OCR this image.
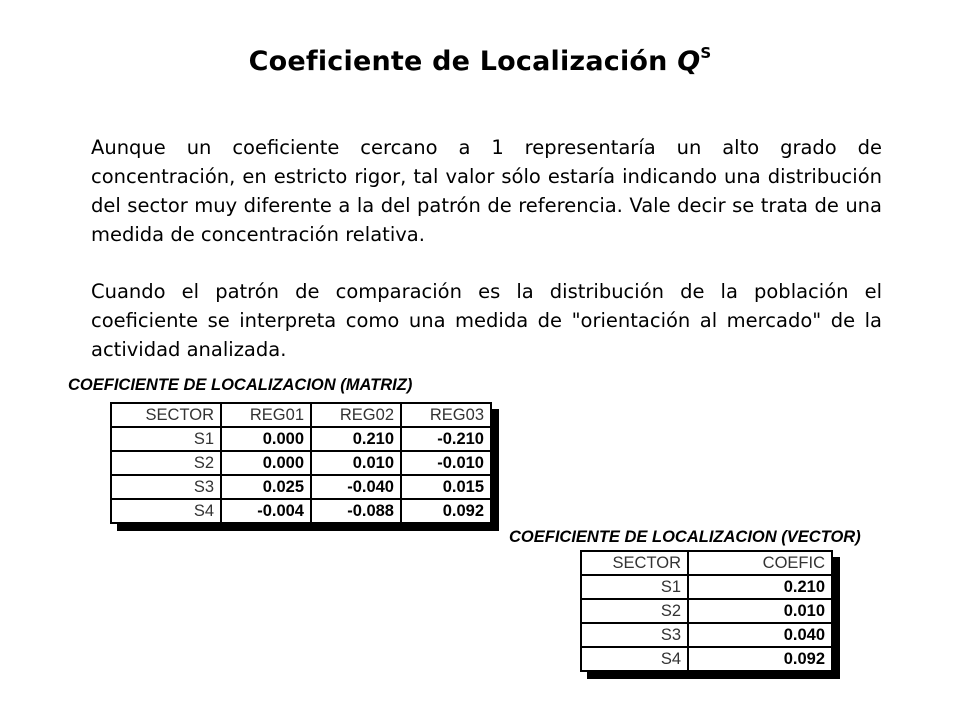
Coeficiente de Localización $Q^S$

Aunque un coeficiente cercano a 1 representaría un alto grado de concentración, en estricto rigor, tal valor sólo estaría indicando una distribución del sector muy diferente a la del patrón de referencia. Vale decir se trata de una medida de concentración relativa.

Cuando el patrón de comparación es la distribución de la población el coeficiente se interpreta como una medida de "orientación al mercado" de la actividad analizada.

COEFICIENTE DE LOCALIZACION (MATRIZ)
SECTOR	REG01	REG02	REG03
S1	0.000	0.210	-0.210
S2	0.000	0.010	-0.010
S3	0.025	-0.040	0.015
S4	-0.004	-0.088	0.092
COEFICIENTE DE LOCALIZACION (VECTOR)
SECTOR	COEFIC
S1	0.210
S2	0.010
S3	0.040
S4	0.092
